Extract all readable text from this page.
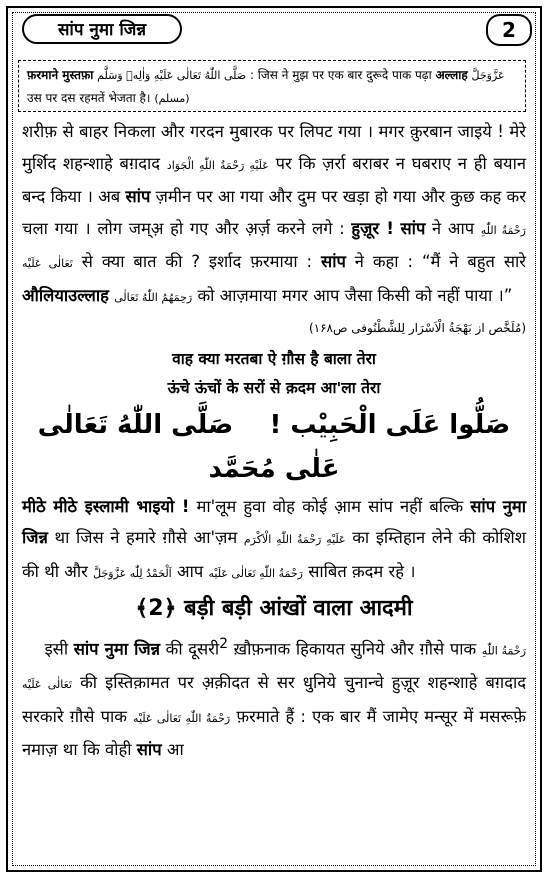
सांप नुमा जिन्न	2
फ़रमाने मुस्तफ़ा صَلَّى اللّٰهُ تَعَالٰى عَلَيْهِ وَاٰلِهٖ وَسَلَّم : जिस ने मुझ पर एक बार दुरूदे पाक पढ़ा अल्लाह عَزَّوَجَلَّ उस पर दस रहमतें भेजता है। (مسلم)

शरीफ़ से बाहर निकला और गरदन मुबारक पर लिपट गया । मगर क़ुरबान जाइये ! मेरे मुर्शिद शहन्शाहे बग़दाद عَلَيْهِ رَحْمَةُ اللّٰهِ الْجَوَاد पर कि ज़र्रा बराबर न घबराए न ही बयान बन्द किया । अब सांप ज़मीन पर आ गया और दुम पर खड़ा हो गया और कुछ कह कर चला गया । लोग जम्अ़ हो गए और अ़र्ज़ करने लगे : हुज़ूर ! सांप ने आप رَحْمَةُ اللّٰهِ تَعَالٰى عَلَيْه से क्या बात की ? इर्शाद फ़रमाया : सांप ने कहा : “मैं ने बहुत सारे औलियाउल्लाह رَحِمَهُمُ اللّٰهُ تَعَالٰى को आज़माया मगर आप जैसा किसी को नहीं पाया ।”
(مُلَخَّص از بَهْجَةُ الْاَسْرَار لِلشَّطْنُوفی ص۱۶۸)

वाह क्या मरतबा ऐ ग़ौस है बाला तेरा
ऊंचे ऊंचों के सरों से क़दम आ'ला तेरा
صَلُّوا عَلَى الْحَبِيْب !    صَلَّى اللّٰهُ تَعَالٰى عَلٰى مُحَمَّد

मीठे मीठे इस्लामी भाइयो ! मा'लूम हुवा वोह कोई आ़म सांप नहीं बल्कि सांप नुमा जिन्न था जिस ने हमारे ग़ौसे आ'ज़म عَلَيْهِ رَحْمَةُ اللّٰهِ الْاَكْرَم का इम्तिहान लेने की कोशिश की थी और اَلْحَمْدُ لِلّٰه عَزَّوَجَلَّ आप رَحْمَةُ اللّٰهِ تَعَالٰى عَلَيْه साबित क़दम रहे ।

﴾2﴿ बड़ी बड़ी आंखों वाला आदमी

इसी सांप नुमा जिन्न की दूसरी$^2$ ख़ौफ़नाक हिकायत सुनिये और ग़ौसे पाक رَحْمَةُ اللّٰهِ تَعَالٰى عَلَيْه की इस्तिक़ामत पर अ़क़ीदत से सर धुनिये चुनान्चे हुज़ूर शहन्शाहे बग़दाद सरकारे ग़ौसे पाक رَحْمَةُ اللّٰهِ تَعَالٰى عَلَيْه फ़रमाते हैं : एक बार मैं जामेए मन्सूर में मसरूफ़े नमाज़ था कि वोही सांप आ
